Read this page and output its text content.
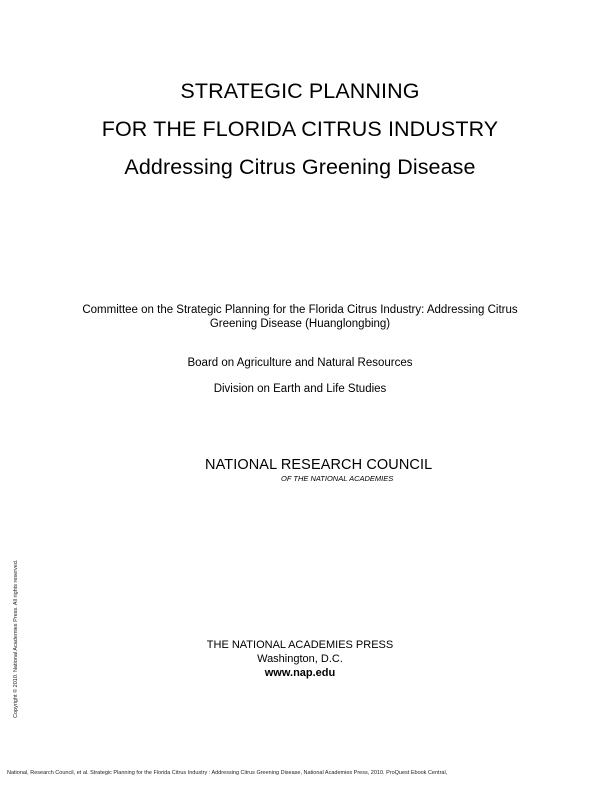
STRATEGIC PLANNING
FOR THE FLORIDA CITRUS INDUSTRY
Addressing Citrus Greening Disease
Committee on the Strategic Planning for the Florida Citrus Industry: Addressing Citrus Greening Disease (Huanglongbing)
Board on Agriculture and Natural Resources
Division on Earth and Life Studies
NATIONAL RESEARCH COUNCIL
OF THE NATIONAL ACADEMIES
THE NATIONAL ACADEMIES PRESS
Washington, D.C.
www.nap.edu
Copyright © 2010. National Academies Press. All rights reserved.
National, Research Council, et al. Strategic Planning for the Florida Citrus Industry : Addressing Citrus Greening Disease, National Academies Press, 2010. ProQuest Ebook Central,
